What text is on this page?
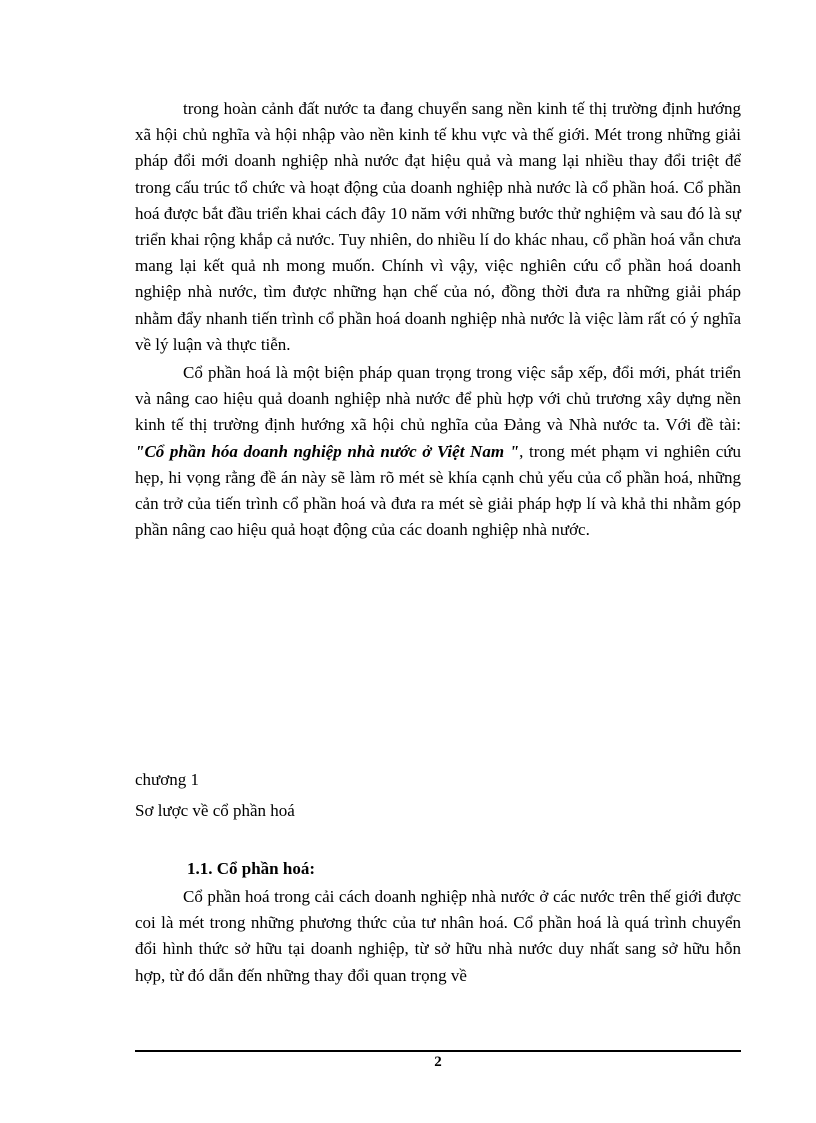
trong hoàn cảnh đất nước ta đang chuyển sang nền kinh tế thị trường định hướng xã hội chủ nghĩa và hội nhập vào nền kinh tế khu vực và thế giới. Mét trong những giải pháp đổi mới doanh nghiệp nhà nước đạt hiệu quả và mang lại nhiều thay đổi triệt để trong cấu trúc tổ chức và hoạt động của doanh nghiệp nhà nước là cổ phần hoá. Cổ phần hoá được bắt đầu triển khai cách đây 10 năm với những bước thử nghiệm và sau đó là sự triển khai rộng khắp cả nước. Tuy nhiên, do nhiều lí do khác nhau, cổ phần hoá vẫn chưa mang lại kết quả nh mong muốn. Chính vì vậy, việc nghiên cứu cổ phần hoá doanh nghiệp nhà nước, tìm được những hạn chế của nó, đồng thời đưa ra những giải pháp nhằm đẩy nhanh tiến trình cổ phần hoá doanh nghiệp nhà nước là việc làm rất có ý nghĩa về lý luận và thực tiễn.

Cổ phần hoá là một biện pháp quan trọng trong việc sắp xếp, đổi mới, phát triển và nâng cao hiệu quả doanh nghiệp nhà nước để phù hợp với chủ trương xây dựng nền kinh tế thị trường định hướng xã hội chủ nghĩa của Đảng và Nhà nước ta. Với đề tài: "Cổ phần hóa doanh nghiệp nhà nước ở Việt Nam ", trong mét phạm vi nghiên cứu hẹp, hi vọng rằng đề án này sẽ làm rõ mét sè khía cạnh chủ yếu của cổ phần hoá, những cản trở của tiến trình cổ phần hoá và đưa ra mét sè giải pháp hợp lí và khả thi nhằm góp phần nâng cao hiệu quả hoạt động của các doanh nghiệp nhà nước.

chương 1

Sơ lược về cổ phần hoá

1.1. Cổ phần hoá:

Cổ phần hoá trong cải cách doanh nghiệp nhà nước ở các nước trên thế giới được coi là mét trong những phương thức của tư nhân hoá. Cổ phần hoá là quá trình chuyển đổi hình thức sở hữu tại doanh nghiệp, từ sở hữu nhà nước duy nhất sang sở hữu hỗn hợp, từ đó dẫn đến những thay đổi quan trọng về

2
